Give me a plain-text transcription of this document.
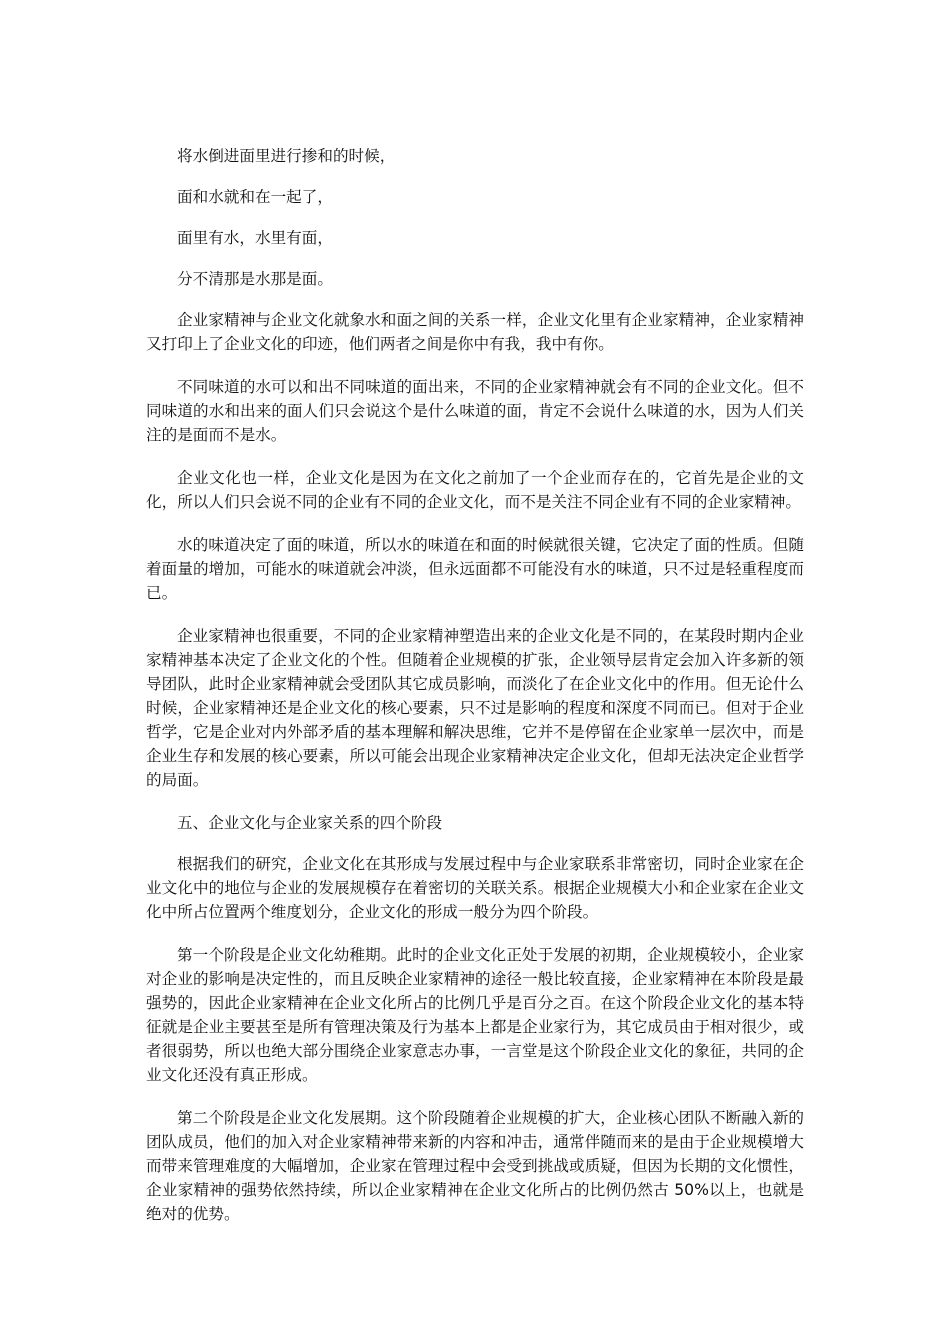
将水倒进面里进行掺和的时候，

面和水就和在一起了，

面里有水，水里有面，

分不清那是水那是面。

企业家精神与企业文化就象水和面之间的关系一样，企业文化里有企业家精神，企业家精神又打印上了企业文化的印迹，他们两者之间是你中有我，我中有你。

不同味道的水可以和出不同味道的面出来，不同的企业家精神就会有不同的企业文化。但不同味道的水和出来的面人们只会说这个是什么味道的面，肯定不会说什么味道的水，因为人们关注的是面而不是水。

企业文化也一样，企业文化是因为在文化之前加了一个企业而存在的，它首先是企业的文化，所以人们只会说不同的企业有不同的企业文化，而不是关注不同企业有不同的企业家精神。

水的味道决定了面的味道，所以水的味道在和面的时候就很关键，它决定了面的性质。但随着面量的增加，可能水的味道就会冲淡，但永远面都不可能没有水的味道，只不过是轻重程度而已。

企业家精神也很重要，不同的企业家精神塑造出来的企业文化是不同的，在某段时期内企业家精神基本决定了企业文化的个性。但随着企业规模的扩张，企业领导层肯定会加入许多新的领导团队，此时企业家精神就会受团队其它成员影响，而淡化了在企业文化中的作用。但无论什么时候，企业家精神还是企业文化的核心要素，只不过是影响的程度和深度不同而已。但对于企业哲学，它是企业对内外部矛盾的基本理解和解决思维，它并不是停留在企业家单一层次中，而是企业生存和发展的核心要素，所以可能会出现企业家精神决定企业文化，但却无法决定企业哲学的局面。

五、企业文化与企业家关系的四个阶段

根据我们的研究，企业文化在其形成与发展过程中与企业家联系非常密切，同时企业家在企业文化中的地位与企业的发展规模存在着密切的关联关系。根据企业规模大小和企业家在企业文化中所占位置两个维度划分，企业文化的形成一般分为四个阶段。

第一个阶段是企业文化幼稚期。此时的企业文化正处于发展的初期，企业规模较小，企业家对企业的影响是决定性的，而且反映企业家精神的途径一般比较直接，企业家精神在本阶段是最强势的，因此企业家精神在企业文化所占的比例几乎是百分之百。在这个阶段企业文化的基本特征就是企业主要甚至是所有管理决策及行为基本上都是企业家行为，其它成员由于相对很少，或者很弱势，所以也绝大部分围绕企业家意志办事，一言堂是这个阶段企业文化的象征，共同的企业文化还没有真正形成。

第二个阶段是企业文化发展期。这个阶段随着企业规模的扩大，企业核心团队不断融入新的团队成员，他们的加入对企业家精神带来新的内容和冲击，通常伴随而来的是由于企业规模增大而带来管理难度的大幅增加，企业家在管理过程中会受到挑战或质疑，但因为长期的文化惯性，企业家精神的强势依然持续，所以企业家精神在企业文化所占的比例仍然古 50%以上，也就是绝对的优势。
